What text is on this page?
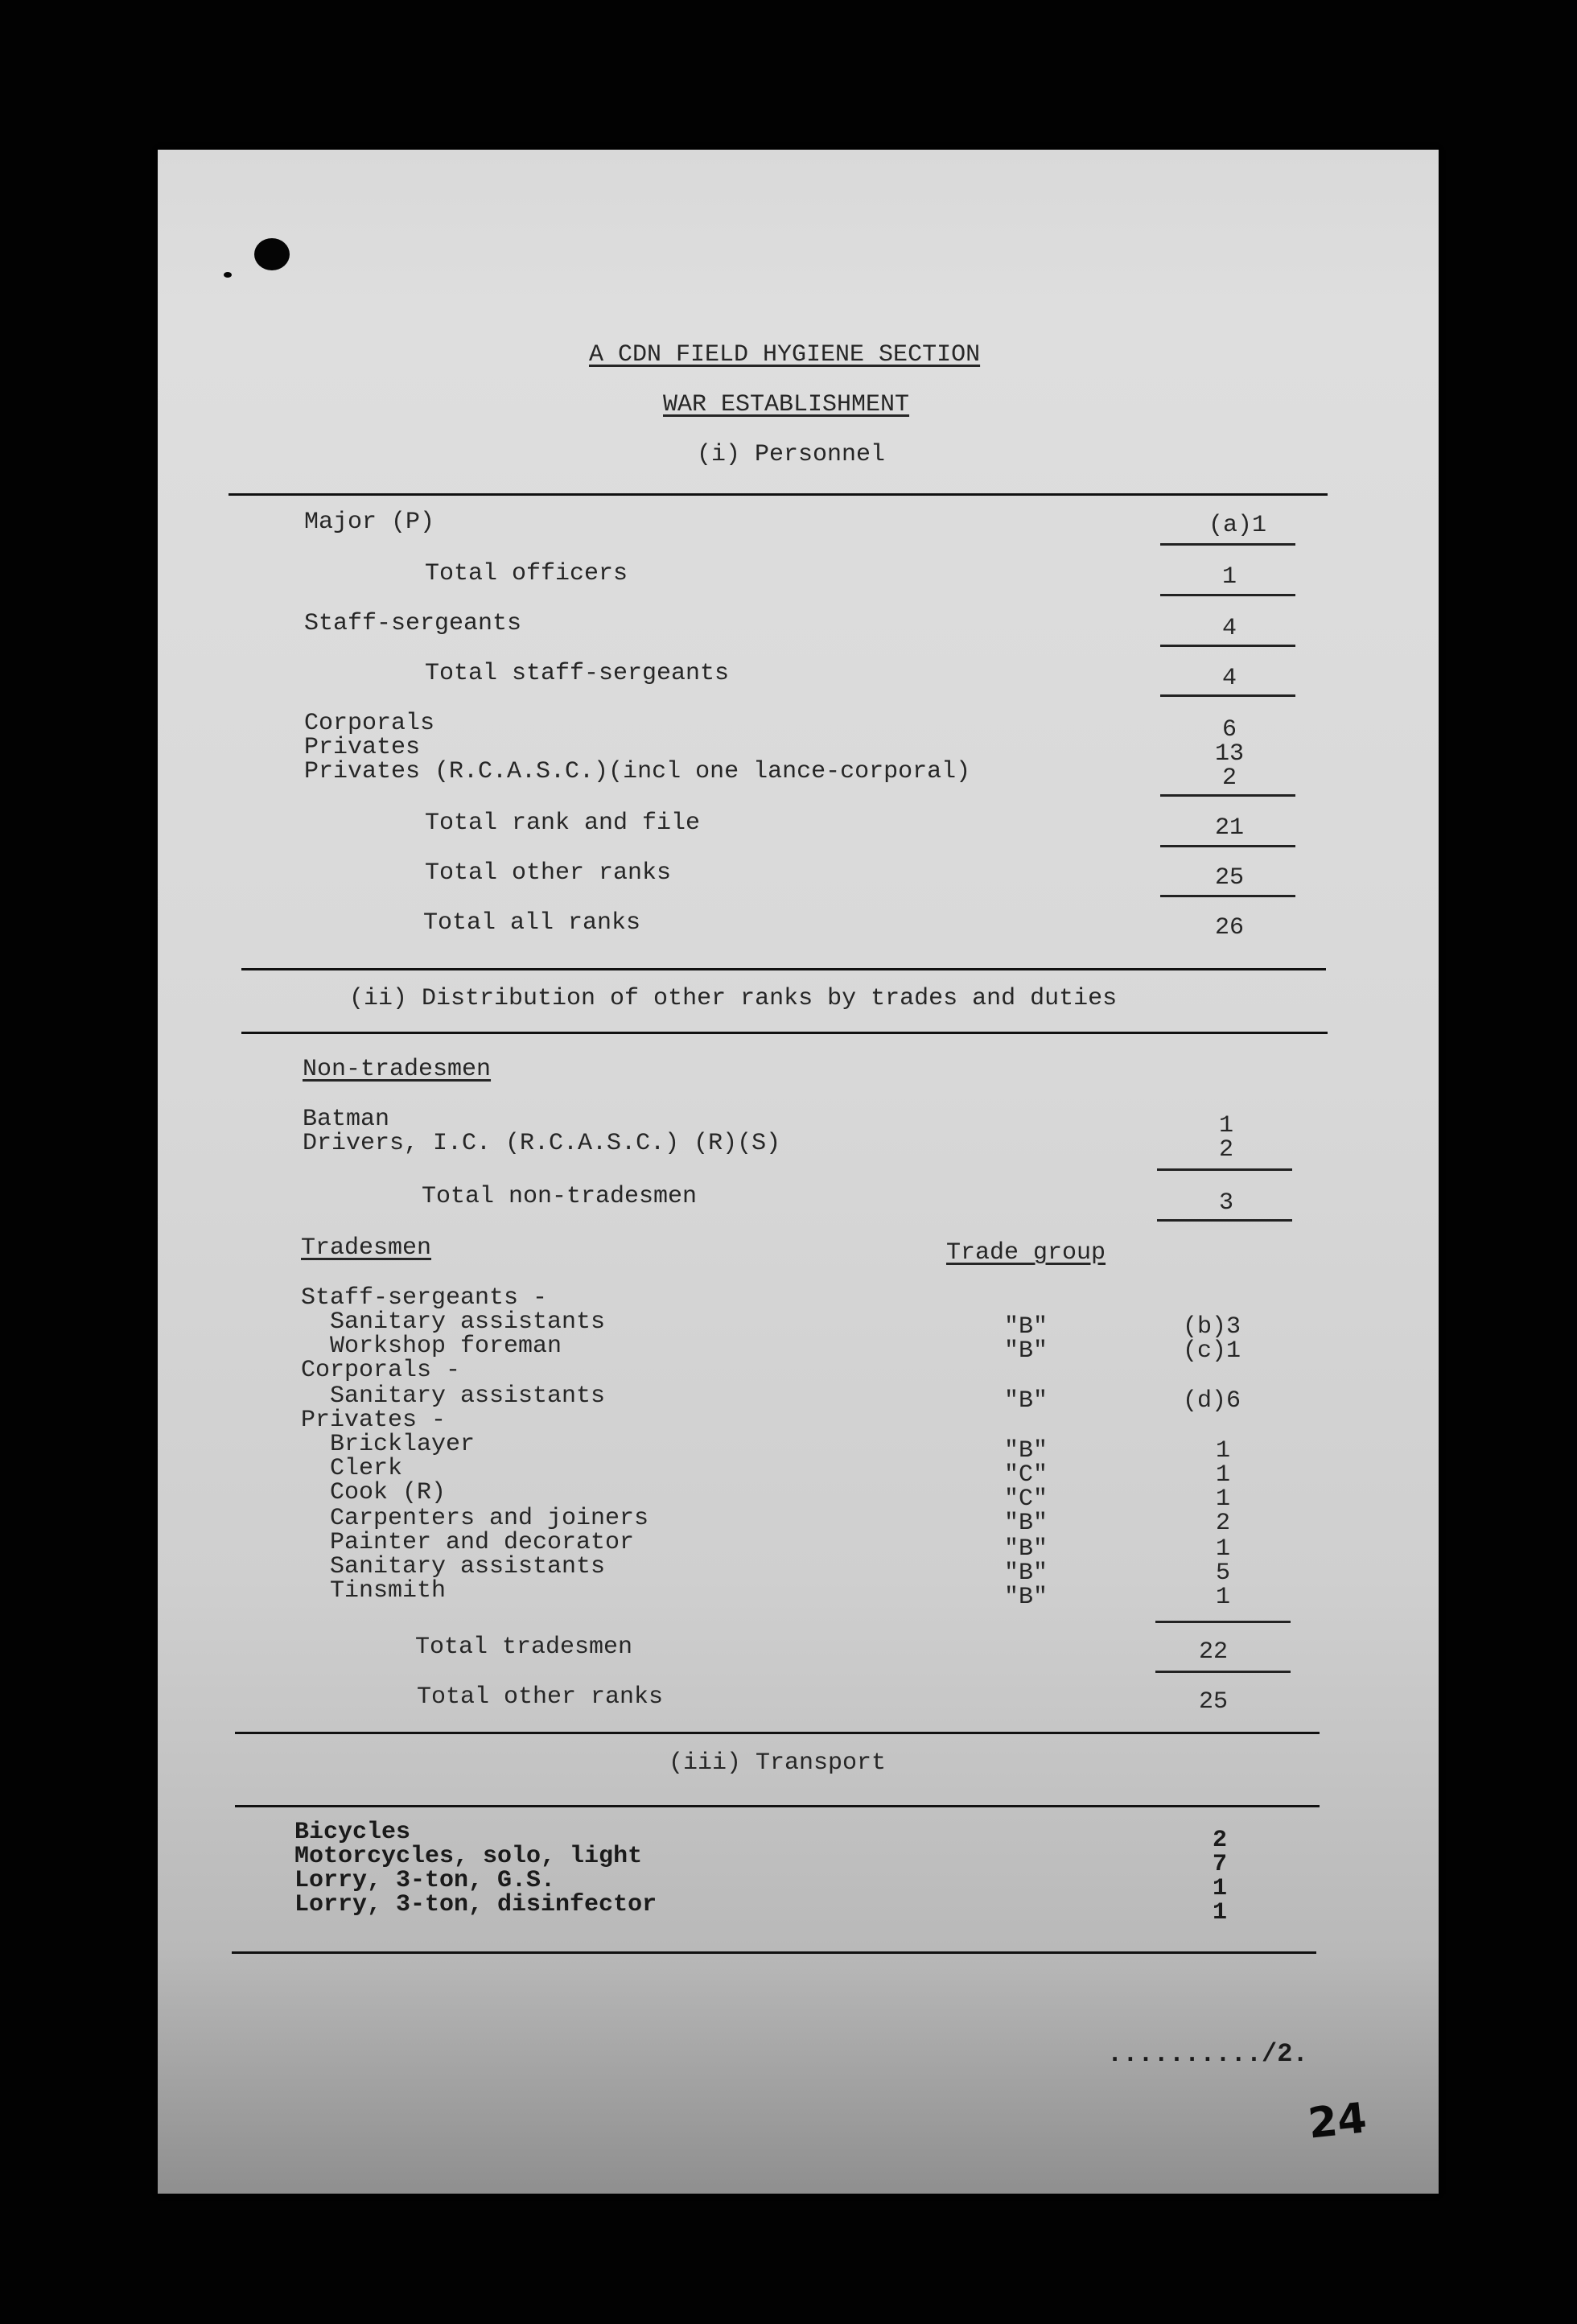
A CDN FIELD HYGIENE SECTION
WAR ESTABLISHMENT
(i) Personnel
Major (P)	(a)1
Total officers	1
Staff-sergeants	4
Total staff-sergeants	4
Corporals	6
Privates	13
Privates (R.C.A.S.C.)(incl one lance-corporal)	2
Total rank and file	21
Total other ranks	25
Total all ranks	26
(ii) Distribution of other ranks by trades and duties
Non-tradesmen
Batman	1
Drivers, I.C. (R.C.A.S.C.) (R)(S)	2
Total non-tradesmen	3
Tradesmen	Trade group
Staff-sergeants -
Sanitary assistants	"B"	(b)3
Workshop foreman	"B"	(c)1
Corporals -
Sanitary assistants	"B"	(d)6
Privates -
Bricklayer	"B"	1
Clerk	"C"	1
Cook (R)	"C"	1
Carpenters and joiners	"B"	2
Painter and decorator	"B"	1
Sanitary assistants	"B"	5
Tinsmith	"B"	1
Total tradesmen	22
Total other ranks	25
(iii) Transport
Bicycles	2
Motorcycles, solo, light	7
Lorry, 3-ton, G.S.	1
Lorry, 3-ton, disinfector	1
........../2.
24
